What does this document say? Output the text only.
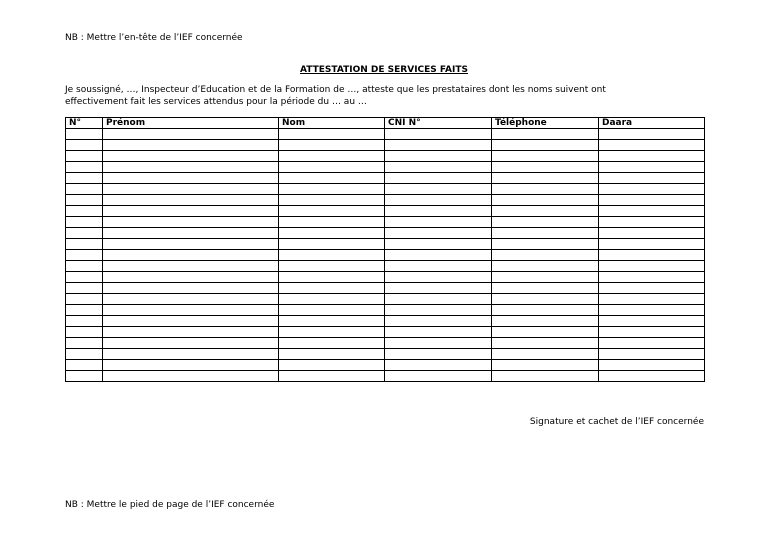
NB : Mettre l’en-tête de l’IEF concernée
ATTESTATION DE SERVICES FAITS
Je soussigné, …, Inspecteur d’Education et de la Formation de …, atteste que les prestataires dont les noms suivent ont
effectivement fait les services attendus pour la période du … au …
N°	Prénom	Nom	CNI N°	Téléphone	Daara

Signature et cachet de l’IEF concernée
NB : Mettre le pied de page de l’IEF concernée
